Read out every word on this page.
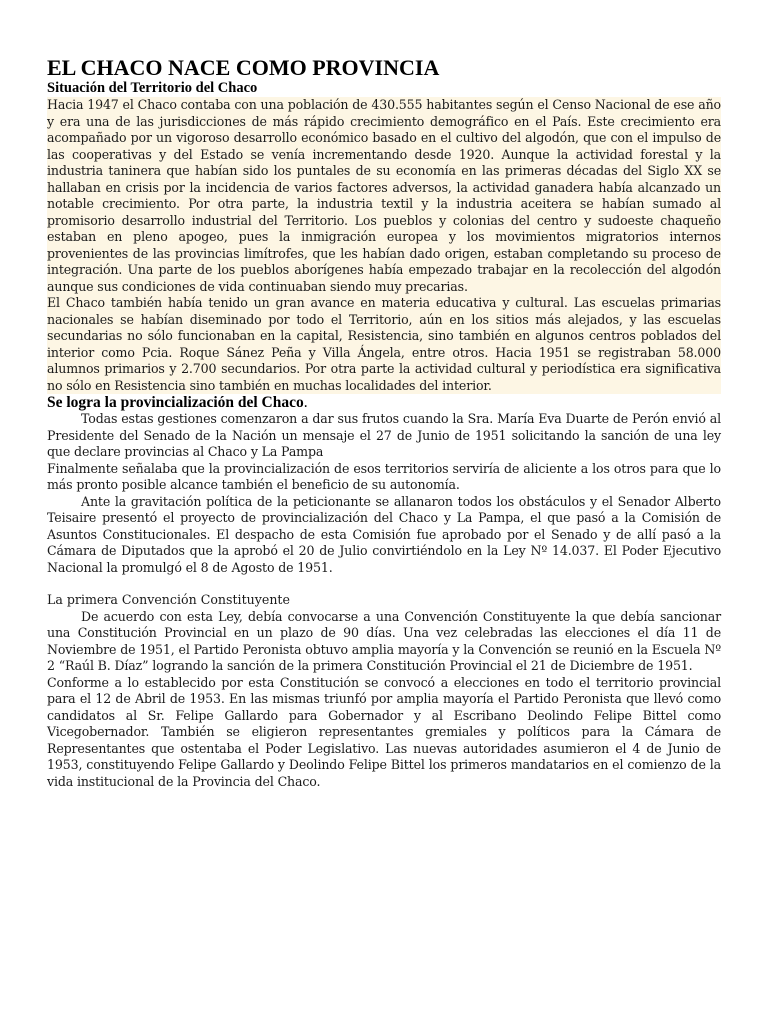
EL CHACO NACE COMO PROVINCIA
Situación del Territorio del Chaco

Hacia 1947 el Chaco contaba con una población de 430.555 habitantes según el Censo Nacional de ese año y era una de las jurisdicciones de más rápido crecimiento demográfico en el País. Este crecimiento era acompañado por un vigoroso desarrollo económico basado en el cultivo del algodón, que con el impulso de las cooperativas y del Estado se venía incrementando desde 1920. Aunque la actividad forestal y la industria taninera que habían sido los puntales de su economía en las primeras décadas del Siglo XX se hallaban en crisis por la incidencia de varios factores adversos, la actividad ganadera había alcanzado un notable crecimiento. Por otra parte, la industria textil y la industria aceitera se habían sumado al promisorio desarrollo industrial del Territorio. Los pueblos y colonias del centro y sudoeste chaqueño estaban en pleno apogeo, pues la inmigración europea y los movimientos migratorios internos provenientes de las provincias limítrofes, que les habían dado origen, estaban completando su proceso de integración. Una parte de los pueblos aborígenes había empezado trabajar en la recolección del algodón aunque sus condiciones de vida continuaban siendo muy precarias.

El Chaco también había tenido un gran avance en materia educativa y cultural. Las escuelas primarias nacionales se habían diseminado por todo el Territorio, aún en los sitios más alejados, y las escuelas secundarias no sólo funcionaban en la capital, Resistencia, sino también en algunos centros poblados del interior como Pcia. Roque Sánez Peña y Villa Ángela, entre otros. Hacia 1951 se registraban 58.000 alumnos primarios y 2.700 secundarios. Por otra parte la actividad cultural y periodística era significativa no sólo en Resistencia sino también en muchas localidades del interior.

Se logra la provincialización del Chaco.

Todas estas gestiones comenzaron a dar sus frutos cuando la Sra. María Eva Duarte de Perón envió al Presidente del Senado de la Nación un mensaje el 27 de Junio de 1951 solicitando la sanción de una ley que declare provincias al Chaco y La Pampa

Finalmente señalaba que la provincialización de esos territorios serviría de aliciente a los otros para que lo más pronto posible alcance también el beneficio de su autonomía.

Ante la gravitación política de la peticionante se allanaron todos los obstáculos y el Senador Alberto Teisaire presentó el proyecto de provincialización del Chaco y La Pampa, el que pasó a la Comisión de Asuntos Constitucionales. El despacho de esta Comisión fue aprobado por el Senado y de allí pasó a la Cámara de Diputados que la aprobó el 20 de Julio convirtiéndolo en la Ley Nº 14.037. El Poder Ejecutivo Nacional la promulgó el 8 de Agosto de 1951.

La primera Convención Constituyente

De acuerdo con esta Ley, debía convocarse a una Convención Constituyente la que debía sancionar una Constitución Provincial en un plazo de 90 días. Una vez celebradas las elecciones el día 11 de Noviembre de 1951, el Partido Peronista obtuvo amplia mayoría y la Convención se reunió en la Escuela Nº 2 “Raúl B. Díaz” logrando la sanción de la primera Constitución Provincial el 21 de Diciembre de 1951.

Conforme a lo establecido por esta Constitución se convocó a elecciones en todo el territorio provincial para el 12 de Abril de 1953. En las mismas triunfó por amplia mayoría el Partido Peronista que llevó como candidatos al Sr. Felipe Gallardo para Gobernador y al Escribano Deolindo Felipe Bittel como Vicegobernador. También se eligieron representantes gremiales y políticos para la Cámara de Representantes que ostentaba el Poder Legislativo. Las nuevas autoridades asumieron el 4 de Junio de 1953, constituyendo Felipe Gallardo y Deolindo Felipe Bittel los primeros mandatarios en el comienzo de la vida institucional de la Provincia del Chaco.
